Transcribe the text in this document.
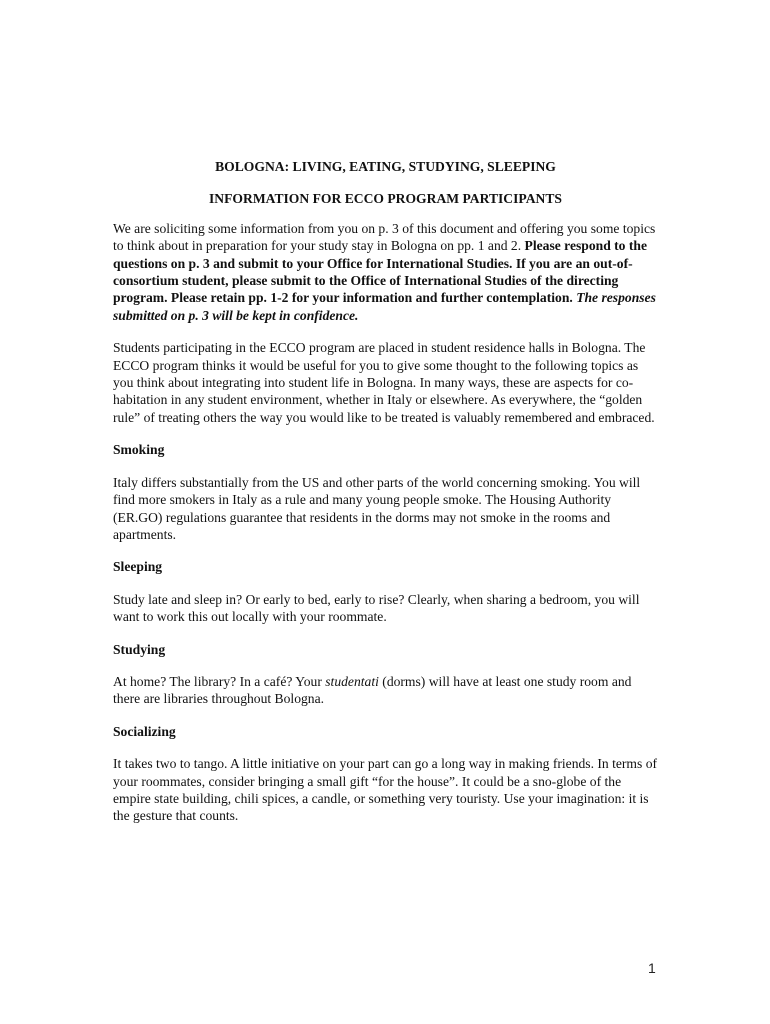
BOLOGNA: LIVING, EATING, STUDYING, SLEEPING

INFORMATION FOR ECCO PROGRAM PARTICIPANTS

We are soliciting some information from you on p. 3 of this document and offering you some topics to think about in preparation for your study stay in Bologna on pp. 1 and 2. Please respond to the questions on p. 3 and submit to your Office for International Studies. If you are an out-of-consortium student, please submit to the Office of International Studies of the directing program. Please retain pp. 1-2 for your information and further contemplation. The responses submitted on p. 3 will be kept in confidence.

Students participating in the ECCO program are placed in student residence halls in Bologna. The ECCO program thinks it would be useful for you to give some thought to the following topics as you think about integrating into student life in Bologna. In many ways, these are aspects for co-habitation in any student environment, whether in Italy or elsewhere. As everywhere, the “golden rule” of treating others the way you would like to be treated is valuably remembered and embraced.

Smoking

Italy differs substantially from the US and other parts of the world concerning smoking. You will find more smokers in Italy as a rule and many young people smoke. The Housing Authority (ER.GO) regulations guarantee that residents in the dorms may not smoke in the rooms and apartments.

Sleeping

Study late and sleep in? Or early to bed, early to rise? Clearly, when sharing a bedroom, you will want to work this out locally with your roommate.

Studying

At home? The library? In a café? Your studentati (dorms) will have at least one study room and there are libraries throughout Bologna.

Socializing

It takes two to tango. A little initiative on your part can go a long way in making friends. In terms of your roommates, consider bringing a small gift “for the house”. It could be a sno-globe of the empire state building, chili spices, a candle, or something very touristy. Use your imagination: it is the gesture that counts.

1
